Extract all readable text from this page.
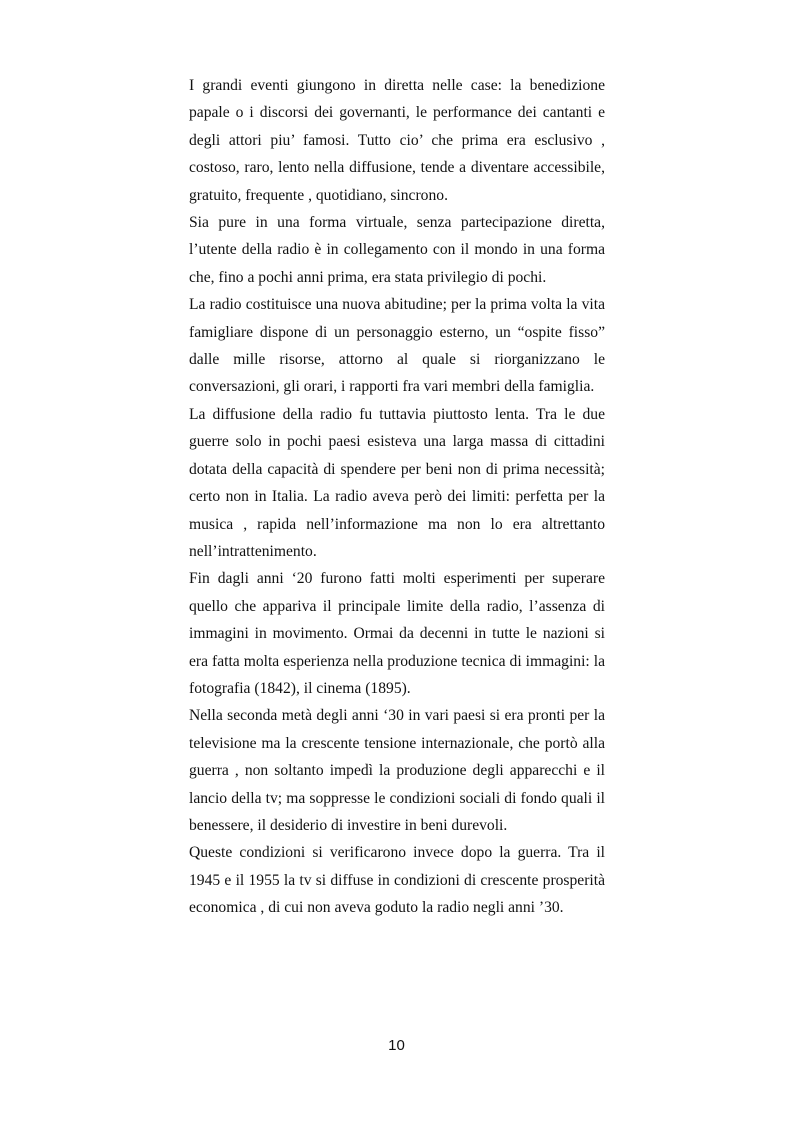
I grandi eventi giungono in diretta nelle case: la benedizione papale o i discorsi dei governanti, le performance dei cantanti e degli attori piu’ famosi. Tutto cio’ che prima era esclusivo , costoso, raro, lento nella diffusione, tende a diventare accessibile, gratuito, frequente , quotidiano, sincrono.

Sia pure in una forma virtuale, senza partecipazione diretta, l’utente della radio è in collegamento con il mondo in una forma che, fino a pochi anni prima, era stata privilegio di pochi.

La radio costituisce una nuova abitudine; per la prima volta la vita famigliare dispone di un personaggio esterno, un “ospite fisso” dalle mille risorse, attorno al quale si riorganizzano le conversazioni, gli orari, i rapporti fra vari membri della famiglia.

La diffusione della radio fu tuttavia piuttosto lenta. Tra le due guerre solo in pochi paesi esisteva una larga massa di cittadini dotata della capacità di spendere per beni non di prima necessità; certo non in Italia. La radio aveva però dei limiti: perfetta per la musica , rapida nell’informazione ma non lo era altrettanto nell’intrattenimento.

Fin dagli anni ‘20 furono fatti molti esperimenti per superare quello che appariva il principale limite della radio, l’assenza di immagini in movimento. Ormai da decenni in tutte le nazioni si era fatta molta esperienza nella produzione tecnica di immagini: la fotografia (1842), il cinema (1895).

Nella seconda metà degli anni ‘30 in vari paesi si era pronti per la televisione ma la crescente tensione internazionale, che portò alla guerra , non soltanto impedì la produzione degli apparecchi e il lancio della tv; ma soppresse le condizioni sociali di fondo quali il benessere, il desiderio di investire in beni durevoli.

Queste condizioni si verificarono invece dopo la guerra. Tra il 1945 e il 1955 la tv si diffuse in condizioni di crescente prosperità economica , di cui non aveva goduto la radio negli anni ’30.

10
